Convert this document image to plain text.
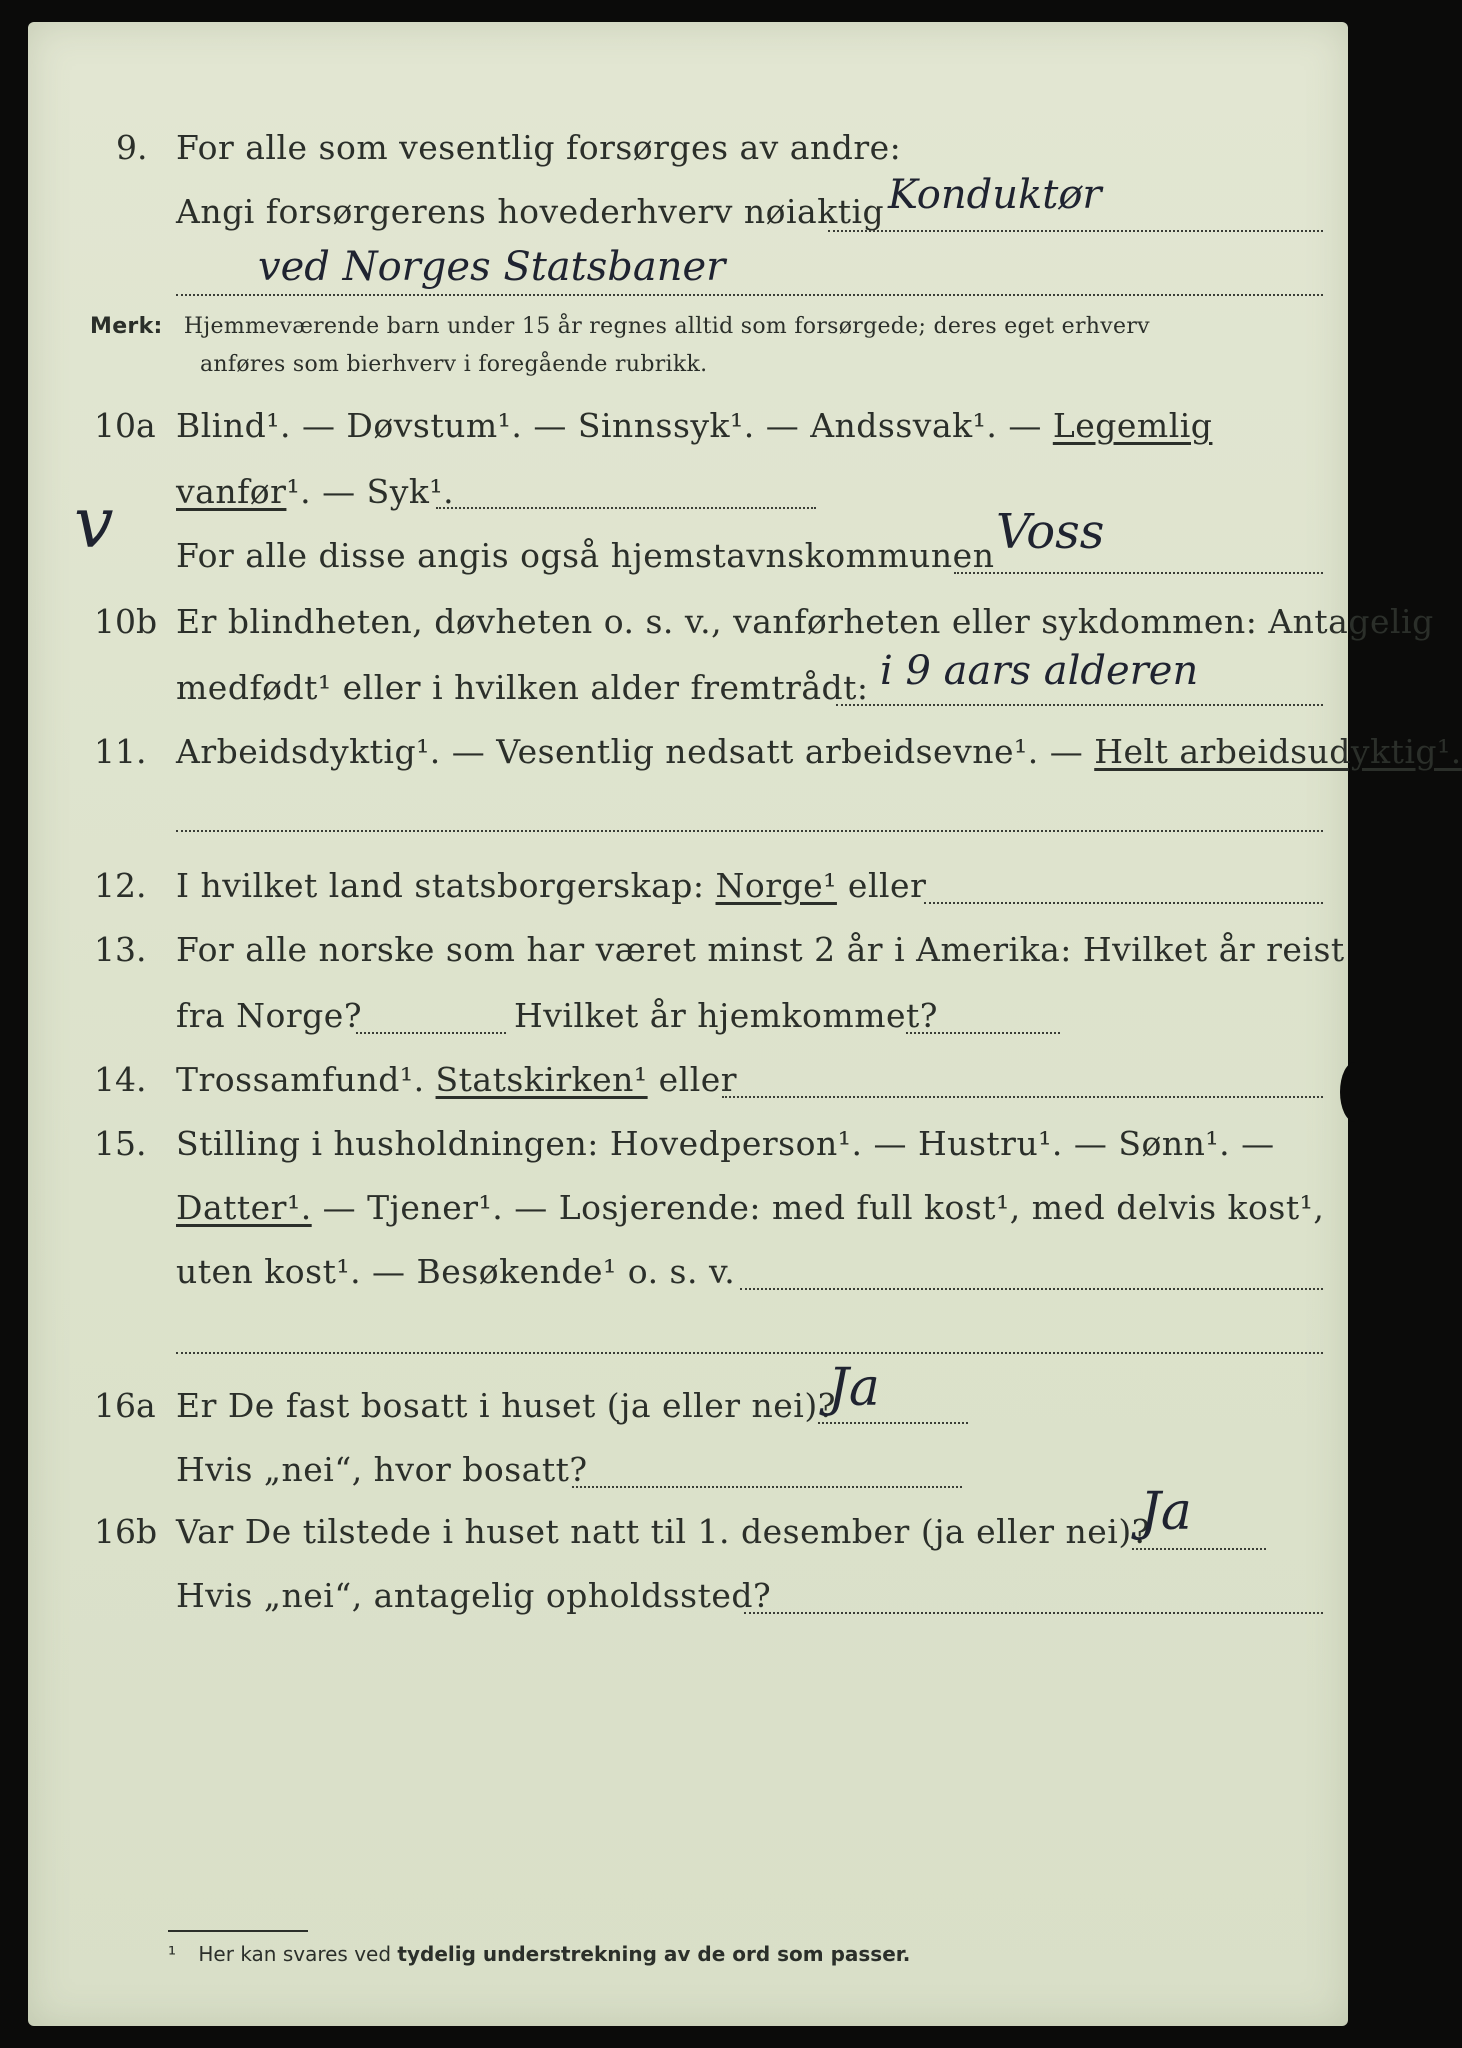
9. For alle som vesentlig forsørges av andre:
Angi forsørgerens hovederhverv nøiaktig Konduktør
ved Norges Statsbaner
Merk: Hjemmeværende barn under 15 år regnes alltid som forsørgede; deres eget erhverv
anføres som bierhverv i foregående rubrikk.
10a Blind¹. — Døvstum¹. — Sinnssyk¹. — Andssvak¹. — Legemlig
vanfør¹. — Syk¹.
v For alle disse angis også hjemstavnskommunen Voss
10b Er blindheten, døvheten o. s. v., vanførheten eller sykdommen: Antagelig
medfødt¹ eller i hvilken alder fremtrådt: i 9 aars alderen
11. Arbeidsdyktig¹. — Vesentlig nedsatt arbeidsevne¹. — Helt arbeidsudyktig¹.
12. I hvilket land statsborgerskap: Norge¹ eller
13. For alle norske som har været minst 2 år i Amerika: Hvilket år reist
fra Norge?	Hvilket år hjemkommet?
14. Trossamfund¹. Statskirken¹ eller
15. Stilling i husholdningen: Hovedperson¹. — Hustru¹. — Sønn¹. —
Datter¹. — Tjener¹. — Losjerende: med full kost¹, med delvis kost¹,
uten kost¹. — Besøkende¹ o. s. v.
16a Er De fast bosatt i huset (ja eller nei)?
Ja
Hvis „nei“, hvor bosatt?
16b Var De tilstede i huset natt til 1. desember (ja eller nei)?
Ja
Hvis „nei“, antagelig opholdssted?
¹ Her kan svares ved tydelig understrekning av de ord som passer.
